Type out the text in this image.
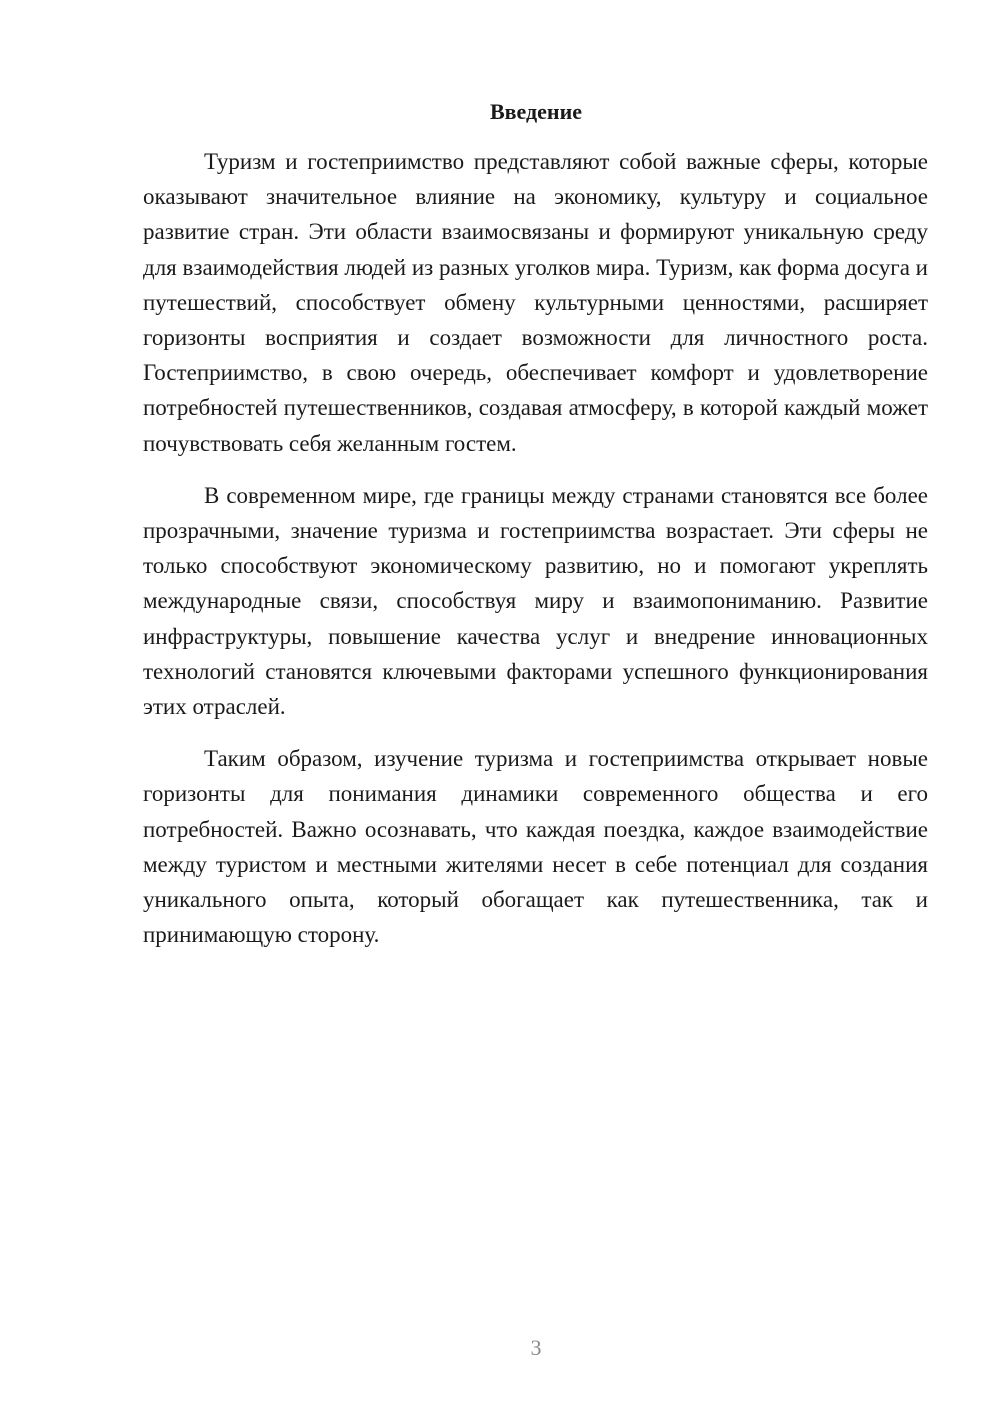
Введение

Туризм и гостеприимство представляют собой важные сферы, которые оказывают значительное влияние на экономику, культуру и социальное развитие стран. Эти области взаимосвязаны и формируют уникальную среду для взаимодействия людей из разных уголков мира. Туризм, как форма досуга и путешествий, способствует обмену культурными ценностями, расширяет горизонты восприятия и создает возможности для личностного роста. Гостеприимство, в свою очередь, обеспечивает комфорт и удовлетворение потребностей путешественников, создавая атмосферу, в которой каждый может почувствовать себя желанным гостем.

В современном мире, где границы между странами становятся все более прозрачными, значение туризма и гостеприимства возрастает. Эти сферы не только способствуют экономическому развитию, но и помогают укреплять международные связи, способствуя миру и взаимопониманию. Развитие инфраструктуры, повышение качества услуг и внедрение инновационных технологий становятся ключевыми факторами успешного функционирования этих отраслей.

Таким образом, изучение туризма и гостеприимства открывает новые горизонты для понимания динамики современного общества и его потребностей. Важно осознавать, что каждая поездка, каждое взаимодействие между туристом и местными жителями несет в себе потенциал для создания уникального опыта, который обогащает как путешественника, так и принимающую сторону.

3
